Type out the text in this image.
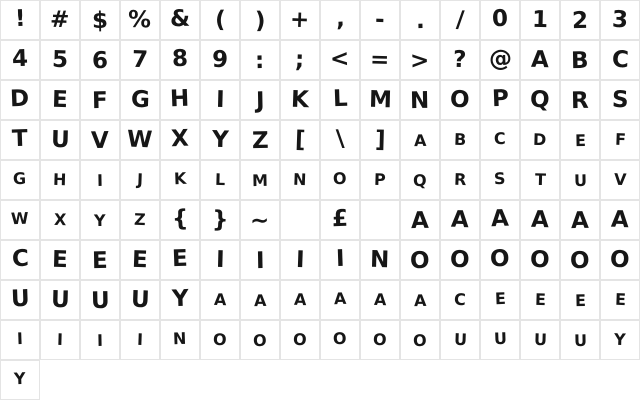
! # $ % & ( ) + , - . / 0 1 2 3
4 5 6 7 8 9 : ; < = > ? @ A B C
D E F G H I J K L M N O P Q R S
T U V W X Y Z [ \ ] A B C D E F
G H I J K L M N O P Q R S T U V
W X Y Z { } ~	£	A A A A A A
C E E E E I I I I N O O O O O O
U U U U Y A A A A A A C E E E E
I I I I N O O O O O O U U U U Y
Y
